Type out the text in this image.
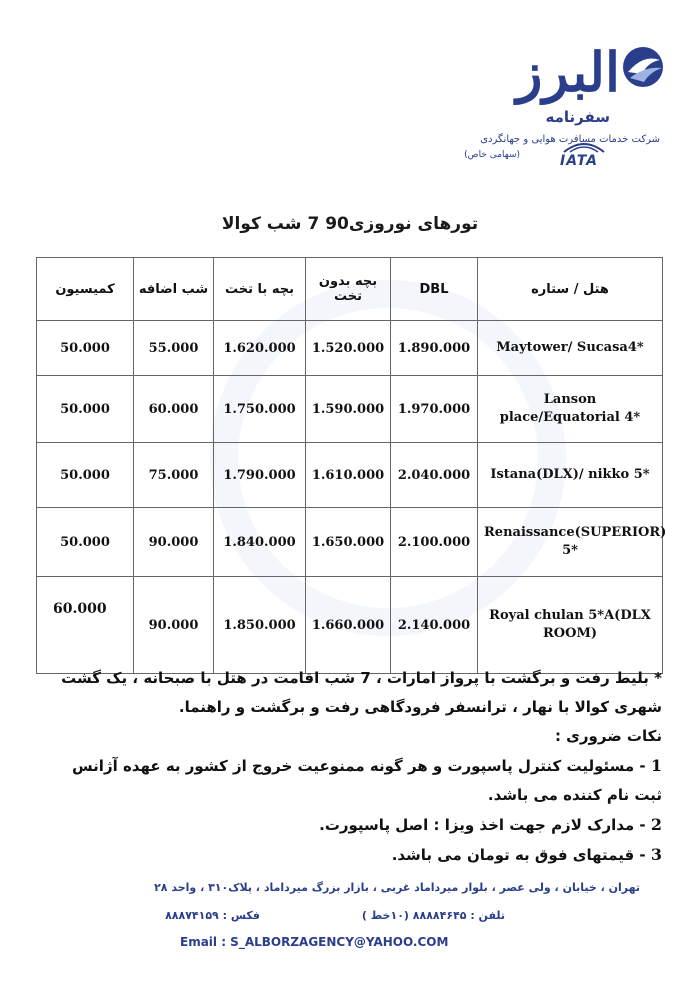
البرز
سفرنامه
شرکت خدمات مسافرت هوایی و جهانگردی
(سهامی خاص)	IATA
تورهای نوروزی90 7 شب کوالا
کمیسیون	شب اضافه	بچه با تخت	بچه بدون تخت	DBL	هتل / ستاره
50.000	55.000	1.620.000	1.520.000	1.890.000	Maytower/ Sucasa4*
50.000	60.000	1.750.000	1.590.000	1.970.000	Lanson place/Equatorial 4*
50.000	75.000	1.790.000	1.610.000	2.040.000	Istana(DLX)/ nikko 5*
50.000	90.000	1.840.000	1.650.000	2.100.000	Renaissance(SUPERIOR) 5*
60.000	90.000	1.850.000	1.660.000	2.140.000	Royal chulan 5*A(DLX ROOM)

* بلیط رفت و برگشت با پرواز امارات ، 7 شب اقامت در هتل با صبحانه ، یک گشت شهری کوالا با نهار ، ترانسفر فرودگاهی رفت و برگشت و راهنما.

نکات ضروری :

1 - مسئولیت کنترل پاسپورت و هر گونه ممنوعیت خروج از کشور به عهده آژانس ثبت نام کننده می باشد.

2 - مدارک لازم جهت اخذ ویزا : اصل پاسپورت.

3 - قیمتهای فوق به تومان می باشد.

تهران ، خیابان ، ولی عصر ، بلوار میرداماد غربی ، بازار بزرگ میرداماد ، پلاک۳۱۰ ، واحد ۲۸
تلفن : ۸۸۸۸۴۶۴۵ (۱۰خط )
فکس : ۸۸۸۷۴۱۵۹
Email : S_ALBORZAGENCY@YAHOO.COM
